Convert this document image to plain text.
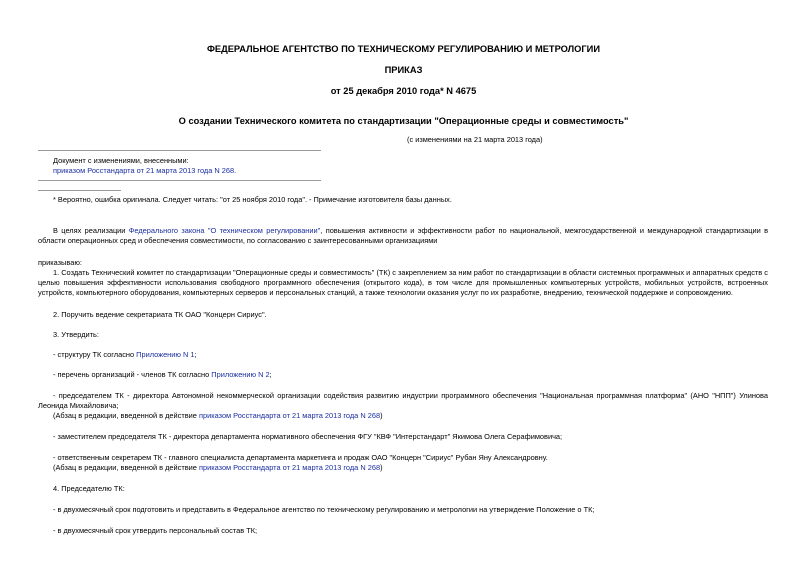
ФЕДЕРАЛЬНОЕ АГЕНТСТВО ПО ТЕХНИЧЕСКОМУ РЕГУЛИРОВАНИЮ И МЕТРОЛОГИИ
ПРИКАЗ
от 25 декабря 2010 года* N 4675
О создании Технического комитета по стандартизации "Операционные среды и совместимость"
(с изменениями на 21 марта 2013 года)
Документ с изменениями, внесенными:
приказом Росстандарта от 21 марта 2013 года N 268.
* Вероятно, ошибка оригинала. Следует читать: "от 25 ноября 2010 года". - Примечание изготовителя базы данных.
В целях реализации Федерального закона "О техническом регулировании", повышения активности и эффективности работ по национальной, межгосударственной и международной стандартизации в области операционных сред и обеспечения совместимости, по согласованию с заинтересованными организациями
приказываю:
1. Создать Технический комитет по стандартизации "Операционные среды и совместимость" (ТК) с закреплением за ним работ по стандартизации в области системных программных и аппаратных средств с целью повышения эффективности использования свободного программного обеспечения (открытого кода), в том числе для промышленных компьютерных устройств, мобильных устройств, встроенных устройств, компьютерного оборудования, компьютерных серверов и персональных станций, а также технологии оказания услуг по их разработке, внедрению, технической поддержке и сопровождению.
2. Поручить ведение секретариата ТК ОАО "Концерн Сириус".
3. Утвердить:
- структуру ТК согласно Приложению N 1;
- перечень организаций - членов ТК согласно Приложению N 2;
- председателем ТК - директора Автономной некоммерческой организации содействия развитию индустрии программного обеспечения "Национальная программная платформа" (АНО "НПП") Улинова Леонида Михайловича;
(Абзац в редакции, введенной в действие приказом Росстандарта от 21 марта 2013 года N 268)
- заместителем председателя ТК - директора департамента нормативного обеспечения ФГУ "КВФ "Интерстандарт" Якимова Олега Серафимовича;
- ответственным секретарем ТК - главного специалиста департамента маркетинга и продаж ОАО "Концерн "Сириус" Рубан Яну Александровну.
(Абзац в редакции, введенной в действие приказом Росстандарта от 21 марта 2013 года N 268)
4. Председателю ТК:
- в двухмесячный срок подготовить и представить в Федеральное агентство по техническому регулированию и метрологии на утверждение Положение о ТК;
- в двухмесячный срок утвердить персональный состав ТК;
